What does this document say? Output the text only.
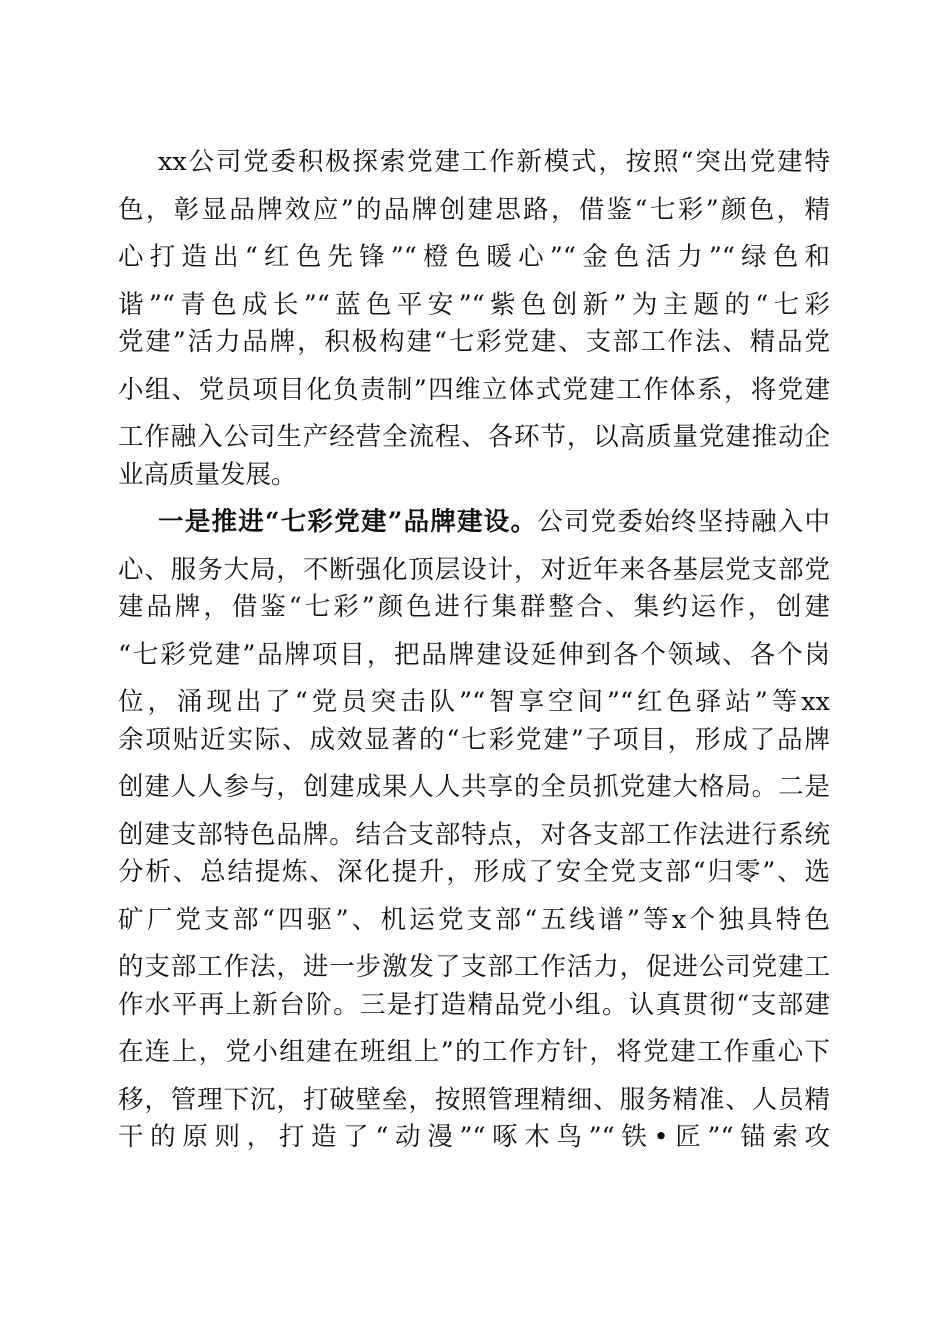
xx公司党委积极探索党建工作新模式，按照“突出党建特
色，彰显品牌效应”的品牌创建思路，借鉴“七彩”颜色，精
心打造出“红色先锋”“橙色暖心”“金色活力”“绿色和
谐”“青色成长”“蓝色平安”“紫色创新”为主题的“七彩
党建”活力品牌，积极构建“七彩党建、支部工作法、精品党
小组、党员项目化负责制”四维立体式党建工作体系，将党建
工作融入公司生产经营全流程、各环节，以高质量党建推动企
业高质量发展。
一是推进“七彩党建”品牌建设。公司党委始终坚持融入中
心、服务大局，不断强化顶层设计，对近年来各基层党支部党
建品牌，借鉴“七彩”颜色进行集群整合、集约运作，创建
“七彩党建”品牌项目，把品牌建设延伸到各个领域、各个岗
位，涌现出了“党员突击队”“智享空间”“红色驿站”等xx
余项贴近实际、成效显著的“七彩党建”子项目，形成了品牌
创建人人参与，创建成果人人共享的全员抓党建大格局。二是
创建支部特色品牌。结合支部特点，对各支部工作法进行系统
分析、总结提炼、深化提升，形成了安全党支部“归零”、选
矿厂党支部“四驱”、机运党支部“五线谱”等x个独具特色
的支部工作法，进一步激发了支部工作活力，促进公司党建工
作水平再上新台阶。三是打造精品党小组。认真贯彻“支部建
在连上，党小组建在班组上”的工作方针，将党建工作重心下
移，管理下沉，打破壁垒，按照管理精细、服务精准、人员精
干的原则，打造了“动漫”“啄木鸟”“铁•匠”“锚索攻
